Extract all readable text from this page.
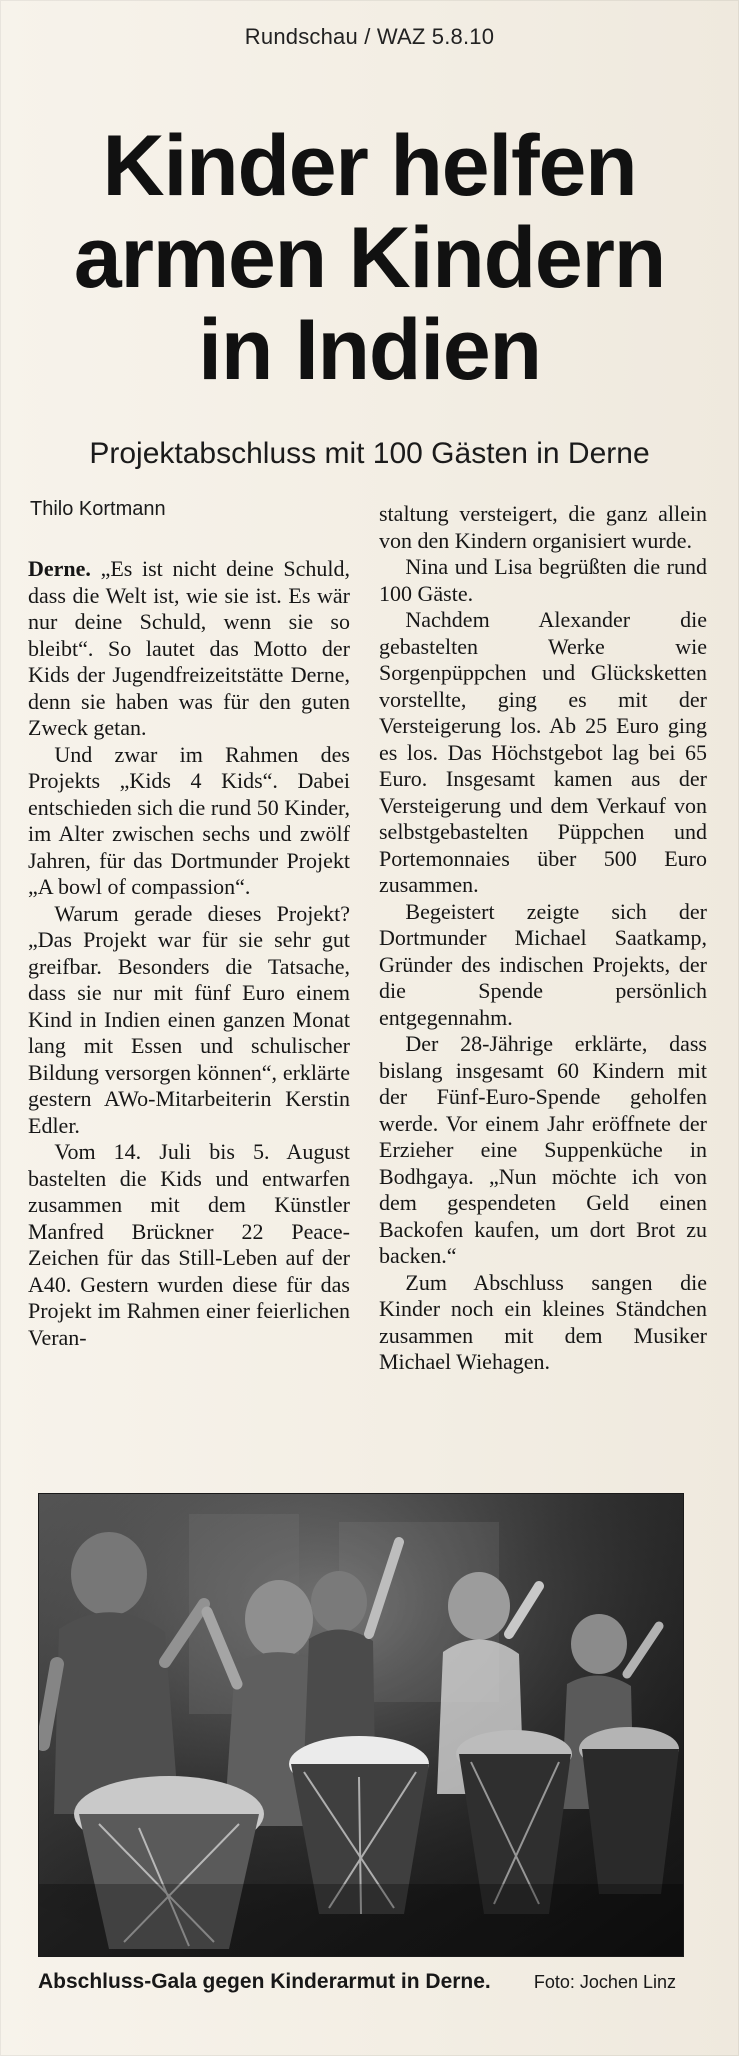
Rundschau / WAZ 5.8.10
Kinder helfen
armen Kindern
in Indien
Projektabschluss mit 100 Gästen in Derne
Thilo Kortmann

Derne. „Es ist nicht deine Schuld, dass die Welt ist, wie sie ist. Es wär nur deine Schuld, wenn sie so bleibt“. So lautet das Motto der Kids der Jugendfreizeitstätte Derne, denn sie haben was für den guten Zweck getan.

Und zwar im Rahmen des Projekts „Kids 4 Kids“. Dabei entschieden sich die rund 50 Kinder, im Alter zwischen sechs und zwölf Jahren, für das Dortmunder Projekt „A bowl of compassion“.

Warum gerade dieses Projekt? „Das Projekt war für sie sehr gut greifbar. Besonders die Tatsache, dass sie nur mit fünf Euro einem Kind in Indien einen ganzen Monat lang mit Essen und schulischer Bildung versorgen können“, erklärte gestern AWo-Mitarbeiterin Kerstin Edler.

Vom 14. Juli bis 5. August bastelten die Kids und entwarfen zusammen mit dem Künstler Manfred Brückner 22 Peace-Zeichen für das Still-Leben auf der A40. Gestern wurden diese für das Projekt im Rahmen einer feierlichen Veran-

staltung versteigert, die ganz allein von den Kindern organisiert wurde.

Nina und Lisa begrüßten die rund 100 Gäste.

Nachdem Alexander die gebastelten Werke wie Sorgenpüppchen und Glücksketten vorstellte, ging es mit der Versteigerung los. Ab 25 Euro ging es los. Das Höchstgebot lag bei 65 Euro. Insgesamt kamen aus der Versteigerung und dem Verkauf von selbstgebastelten Püppchen und Portemonnaies über 500 Euro zusammen.

Begeistert zeigte sich der Dortmunder Michael Saatkamp, Gründer des indischen Projekts, der die Spende persönlich entgegennahm.

Der 28-Jährige erklärte, dass bislang insgesamt 60 Kindern mit der Fünf-Euro-Spende geholfen werde. Vor einem Jahr eröffnete der Erzieher eine Suppenküche in Bodhgaya. „Nun möchte ich von dem gespendeten Geld einen Backofen kaufen, um dort Brot zu backen.“

Zum Abschluss sangen die Kinder noch ein kleines Ständchen zusammen mit dem Musiker Michael Wiehagen.

Abschluss-Gala gegen Kinderarmut in Derne. Foto: Jochen Linz
